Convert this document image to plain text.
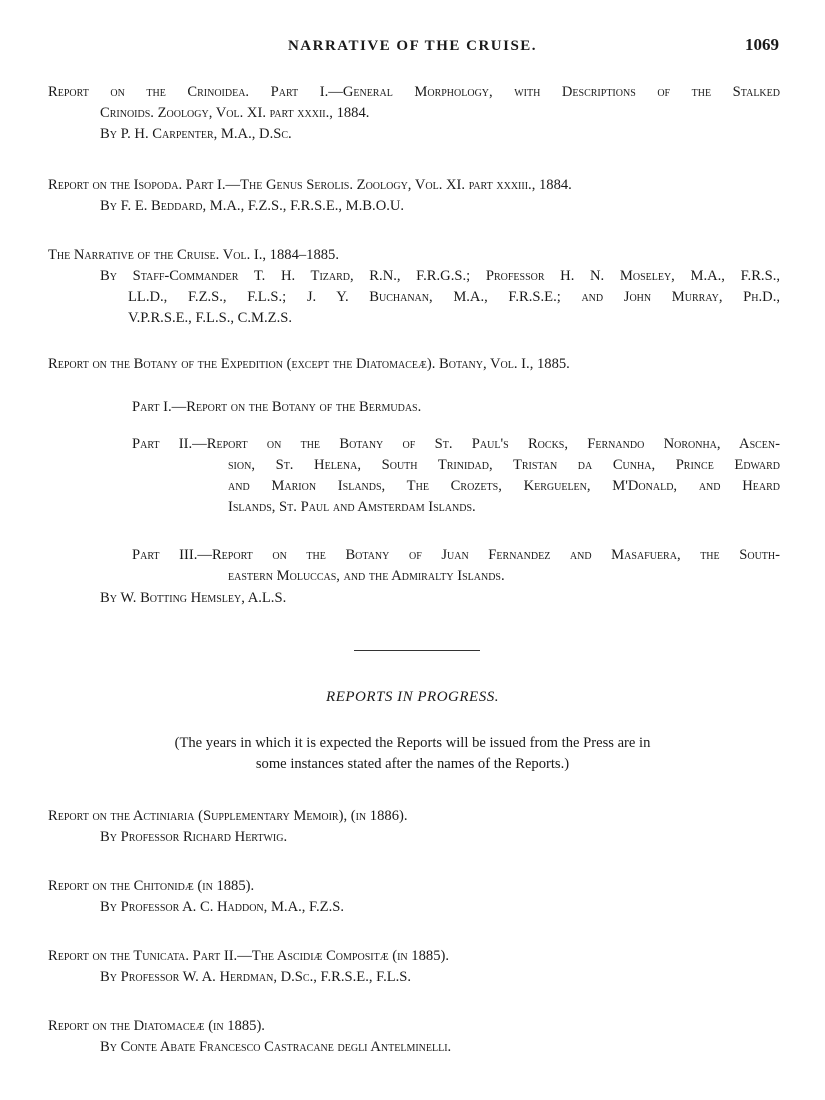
NARRATIVE OF THE CRUISE.	1069
Report on the Crinoidea. Part I.—General Morphology, with Descriptions of the Stalked
Crinoids. Zoology, Vol. XI. part xxxii., 1884.
By P. H. Carpenter, M.A., D.Sc.
Report on the Isopoda. Part I.—The Genus Serolis. Zoology, Vol. XI. part xxxiii., 1884.
By F. E. Beddard, M.A., F.Z.S., F.R.S.E., M.B.O.U.
The Narrative of the Cruise. Vol. I., 1884–1885.
By Staff-Commander T. H. Tizard, R.N., F.R.G.S.; Professor H. N. Moseley, M.A., F.R.S.,
LL.D., F.Z.S., F.L.S.; J. Y. Buchanan, M.A., F.R.S.E.; and John Murray, Ph.D.,
V.P.R.S.E., F.L.S., C.M.Z.S.
Report on the Botany of the Expedition (except the Diatomaceæ). Botany, Vol. I., 1885.
Part I.—Report on the Botany of the Bermudas.
Part II.—Report on the Botany of St. Paul's Rocks, Fernando Noronha, Ascen-
sion, St. Helena, South Trinidad, Tristan da Cunha, Prince Edward
and Marion Islands, The Crozets, Kerguelen, M'Donald, and Heard
Islands, St. Paul and Amsterdam Islands.
Part III.—Report on the Botany of Juan Fernandez and Masafuera, the South-
eastern Moluccas, and the Admiralty Islands.
By W. Botting Hemsley, A.L.S.
REPORTS IN PROGRESS.
(The years in which it is expected the Reports will be issued from the Press are in
some instances stated after the names of the Reports.)
Report on the Actiniaria (Supplementary Memoir), (in 1886).
By Professor Richard Hertwig.
Report on the Chitonidæ (in 1885).
By Professor A. C. Haddon, M.A., F.Z.S.
Report on the Tunicata. Part II.—The Ascidiæ Compositæ (in 1885).
By Professor W. A. Herdman, D.Sc., F.R.S.E., F.L.S.
Report on the Diatomaceæ (in 1885).
By Conte Abate Francesco Castracane degli Antelminelli.
